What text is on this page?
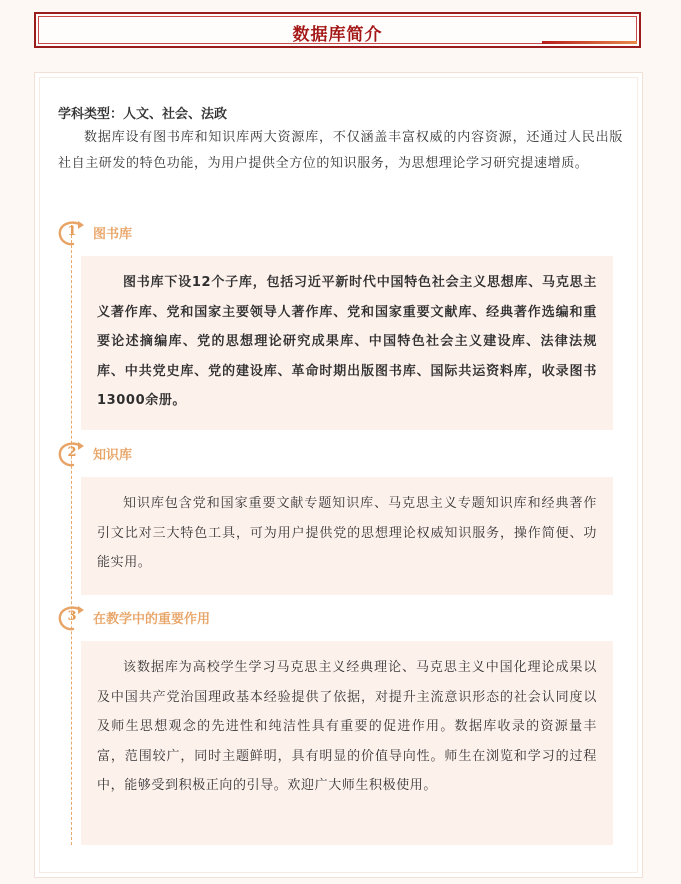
数据库简介
学科类型：人文、社会、法政

数据库设有图书库和知识库两大资源库，不仅涵盖丰富权威的内容资源，还通过人民出版社自主研发的特色功能，为用户提供全方位的知识服务，为思想理论学习研究提速增质。

1 图书库

图书库下设12个子库，包括习近平新时代中国特色社会主义思想库、马克思主义著作库、党和国家主要领导人著作库、党和国家重要文献库、经典著作选编和重要论述摘编库、党的思想理论研究成果库、中国特色社会主义建设库、法律法规库、中共党史库、党的建设库、革命时期出版图书库、国际共运资料库，收录图书13000余册。

2 知识库

知识库包含党和国家重要文献专题知识库、马克思主义专题知识库和经典著作引文比对三大特色工具，可为用户提供党的思想理论权威知识服务，操作简便、功能实用。

3 在教学中的重要作用

该数据库为高校学生学习马克思主义经典理论、马克思主义中国化理论成果以及中国共产党治国理政基本经验提供了依据，对提升主流意识形态的社会认同度以及师生思想观念的先进性和纯洁性具有重要的促进作用。数据库收录的资源量丰富，范围较广，同时主题鲜明，具有明显的价值导向性。师生在浏览和学习的过程中，能够受到积极正向的引导。欢迎广大师生积极使用。
